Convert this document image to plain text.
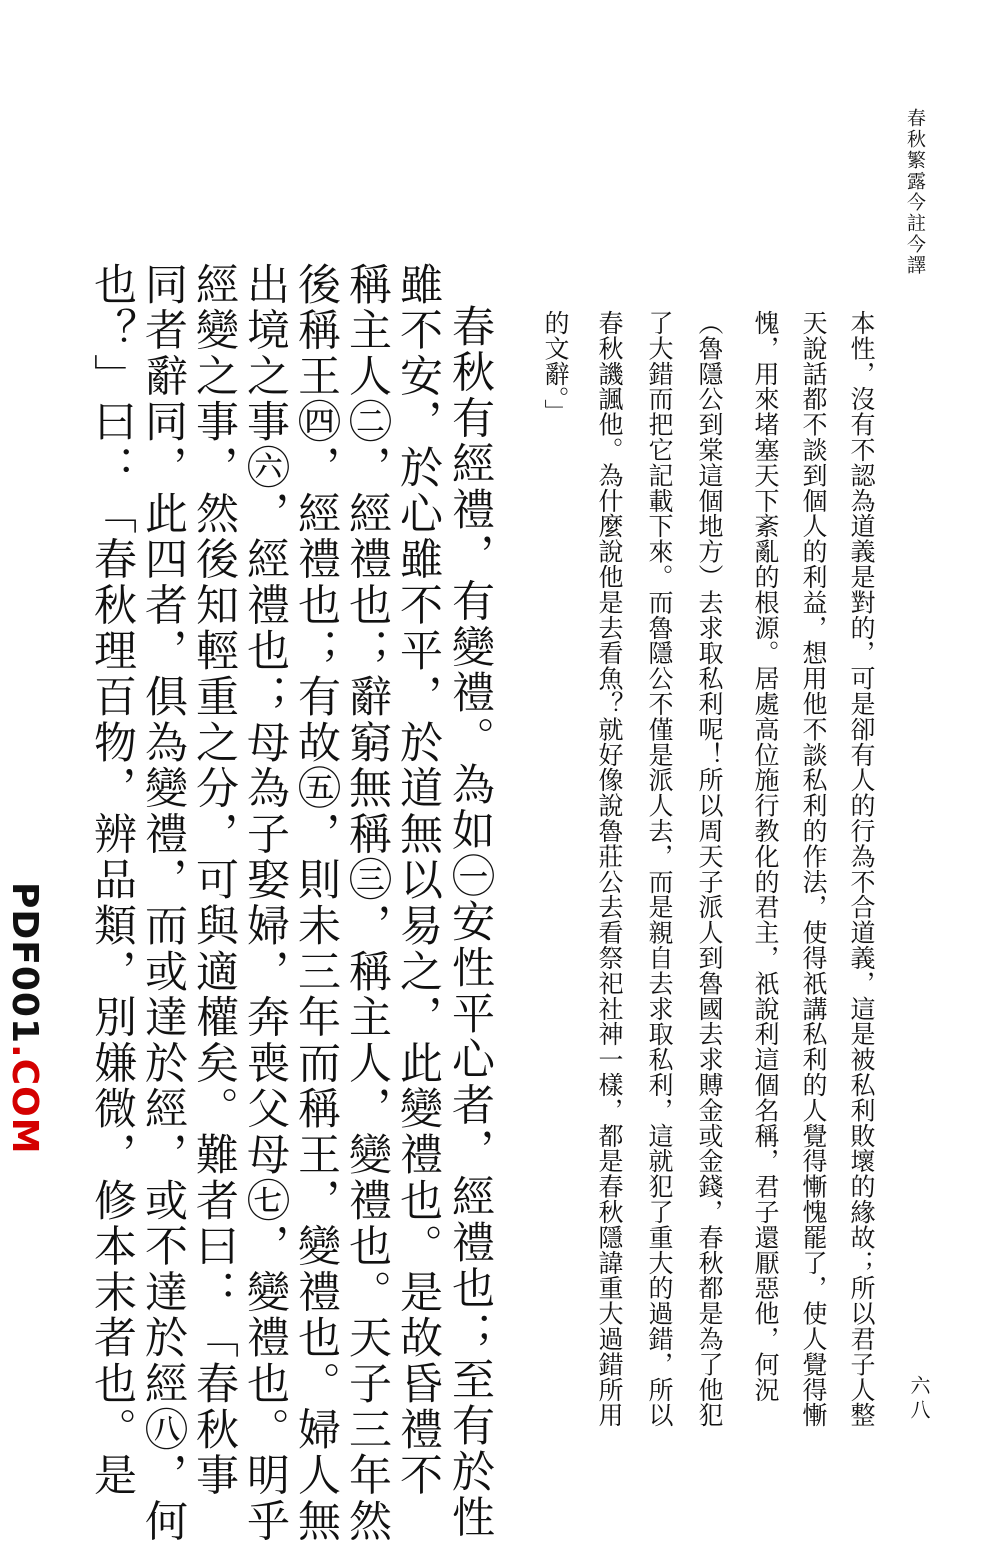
春秋繁露今註今譯
本性，沒有不認為道義是對的，可是卻有人的行為不合道義，這是被私利敗壞的緣故；所以君子人整
天說話都不談到個人的利益，想用他不談私利的作法，使得祇講私利的人覺得慚愧罷了，使人覺得慚
愧，用來堵塞天下紊亂的根源。居處高位施行教化的君主，祇說利這個名稱，君子還厭惡他，何況
（魯隱公到棠這個地方）去求取私利呢！所以周天子派人到魯國去求賻金或金錢，春秋都是為了他犯
了大錯而把它記載下來。而魯隱公不僅是派人去，而是親自去求取私利，這就犯了重大的過錯，所以
春秋譏諷他。為什麼說他是去看魚？就好像說魯莊公去看祭祀社神一樣，都是春秋隱諱重大過錯所用
的文辭。」
春秋有經禮，有變禮。為如㊀安性平心者，經禮也；至有於性
雖不安，於心雖不平，於道無以易之，此變禮也。是故昏禮不
稱主人㊁，經禮也；辭窮無稱㊂，稱主人，變禮也。天子三年然
後稱王㊃，經禮也；有故㊄，則未三年而稱王，變禮也。婦人無
出境之事㊅，經禮也；母為子娶婦，奔喪父母㊆，變禮也。明乎
經變之事，然後知輕重之分，可與適權矣。難者曰：「春秋事
同者辭同，此四者，俱為變禮，而或達於經，或不達於經㊇，何
也？」曰：「春秋理百物，辨品類，別嫌微，修本末者也。是	六八
PDF001.COM
